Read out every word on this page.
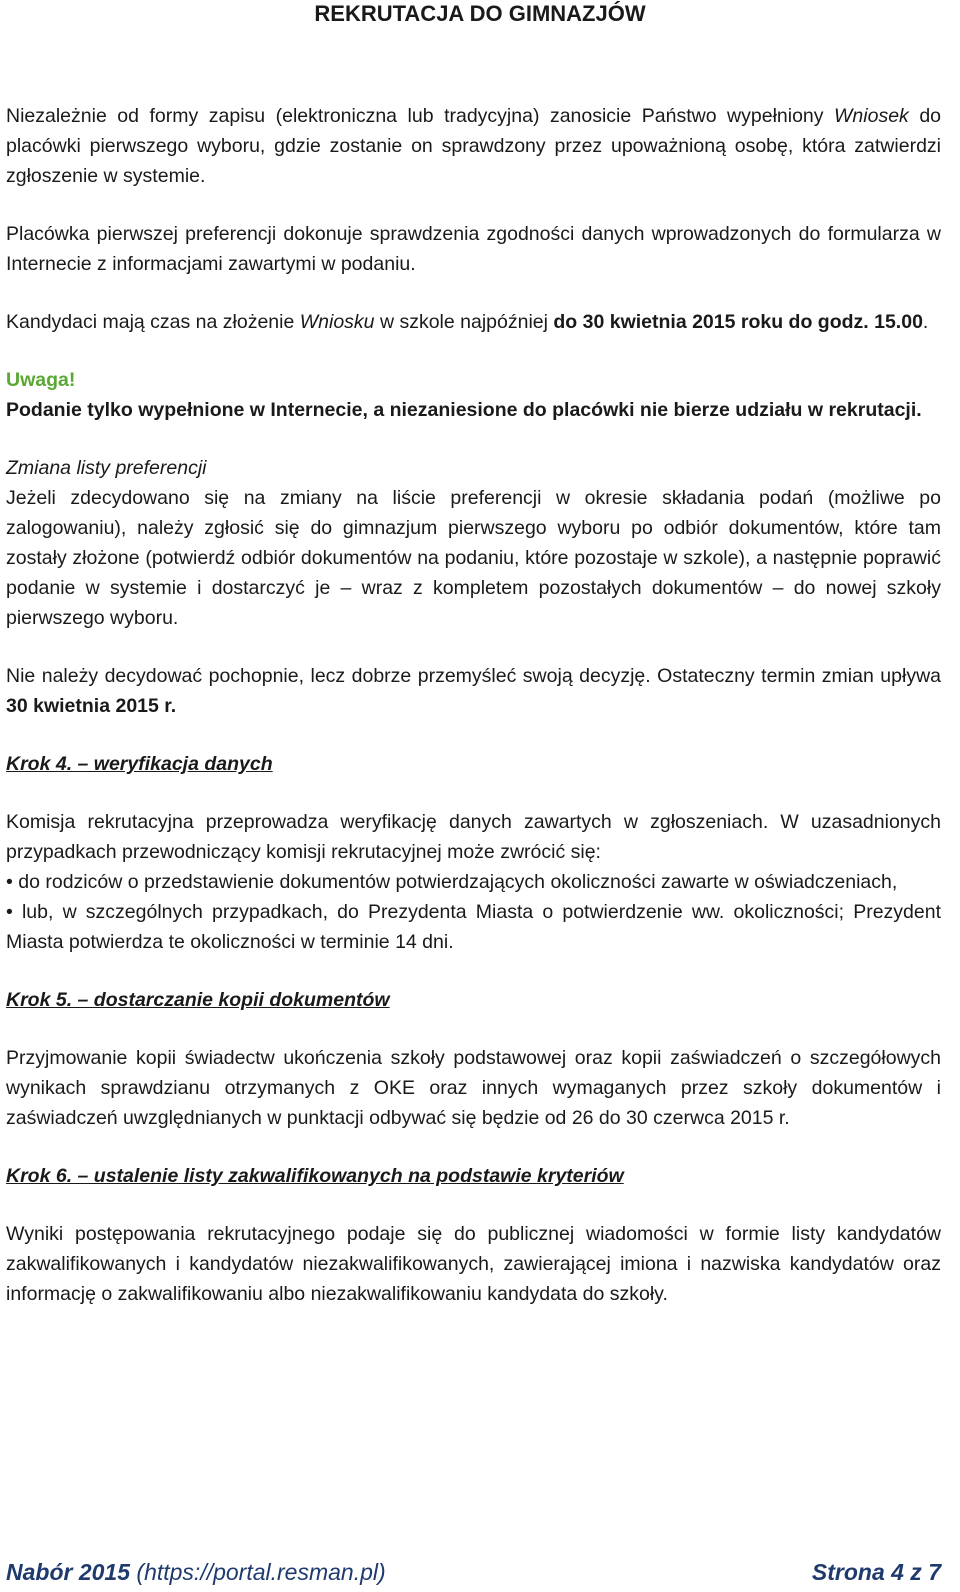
REKRUTACJA DO GIMNAZJÓW

Niezależnie od formy zapisu (elektroniczna lub tradycyjna) zanosicie Państwo wypełniony Wniosek do placówki pierwszego wyboru, gdzie zostanie on sprawdzony przez upoważnioną osobę, która zatwierdzi zgłoszenie w systemie.

Placówka pierwszej preferencji dokonuje sprawdzenia zgodności danych wprowadzonych do formularza w Internecie z informacjami zawartymi w podaniu.

Kandydaci mają czas na złożenie Wniosku w szkole najpóźniej do 30 kwietnia 2015 roku do godz. 15.00.

Uwaga!

Podanie tylko wypełnione w Internecie, a niezaniesione do placówki nie bierze udziału w rekrutacji.

Zmiana listy preferencji

Jeżeli zdecydowano się na zmiany na liście preferencji w okresie składania podań (możliwe po zalogowaniu), należy zgłosić się do gimnazjum pierwszego wyboru po odbiór dokumentów, które tam zostały złożone (potwierdź odbiór dokumentów na podaniu, które pozostaje w szkole), a następnie poprawić podanie w systemie i dostarczyć je – wraz z kompletem pozostałych dokumentów – do nowej szkoły pierwszego wyboru.

Nie należy decydować pochopnie, lecz dobrze przemyśleć swoją decyzję. Ostateczny termin zmian upływa 30 kwietnia 2015 r.

Krok 4. – weryfikacja danych

Komisja rekrutacyjna przeprowadza weryfikację danych zawartych w zgłoszeniach. W uzasadnionych przypadkach przewodniczący komisji rekrutacyjnej może zwrócić się:

• do rodziców o przedstawienie dokumentów potwierdzających okoliczności zawarte w oświadczeniach,

• lub, w szczególnych przypadkach, do Prezydenta Miasta o potwierdzenie ww. okoliczności; Prezydent Miasta potwierdza te okoliczności w terminie 14 dni.

Krok 5. – dostarczanie kopii dokumentów

Przyjmowanie kopii świadectw ukończenia szkoły podstawowej oraz kopii zaświadczeń o szczegółowych wynikach sprawdzianu otrzymanych z OKE oraz innych wymaganych przez szkoły dokumentów i zaświadczeń uwzględnianych w punktacji odbywać się będzie od 26 do 30 czerwca 2015 r.

Krok 6. – ustalenie listy zakwalifikowanych na podstawie kryteriów

Wyniki postępowania rekrutacyjnego podaje się do publicznej wiadomości w formie listy kandydatów zakwalifikowanych i kandydatów niezakwalifikowanych, zawierającej imiona i nazwiska kandydatów oraz informację o zakwalifikowaniu albo niezakwalifikowaniu kandydata do szkoły.

Nabór 2015 (https://portal.resman.pl)	Strona 4 z 7
